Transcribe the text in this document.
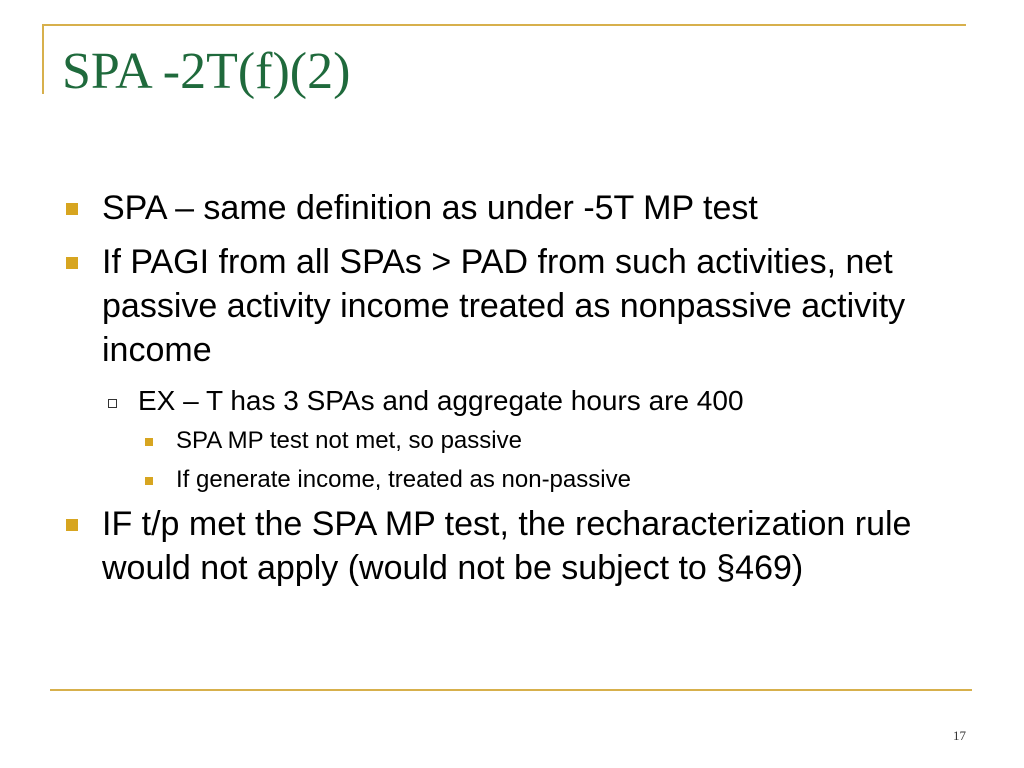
SPA -2T(f)(2)
SPA – same definition as under -5T MP test
If PAGI from all SPAs > PAD from such activities, net passive activity income treated as nonpassive activity income
EX – T has 3 SPAs and aggregate hours are 400
SPA MP test not met, so passive
If generate income, treated as non-passive
IF t/p met the SPA MP test, the recharacterization rule would not apply (would not be subject to §469)
17
